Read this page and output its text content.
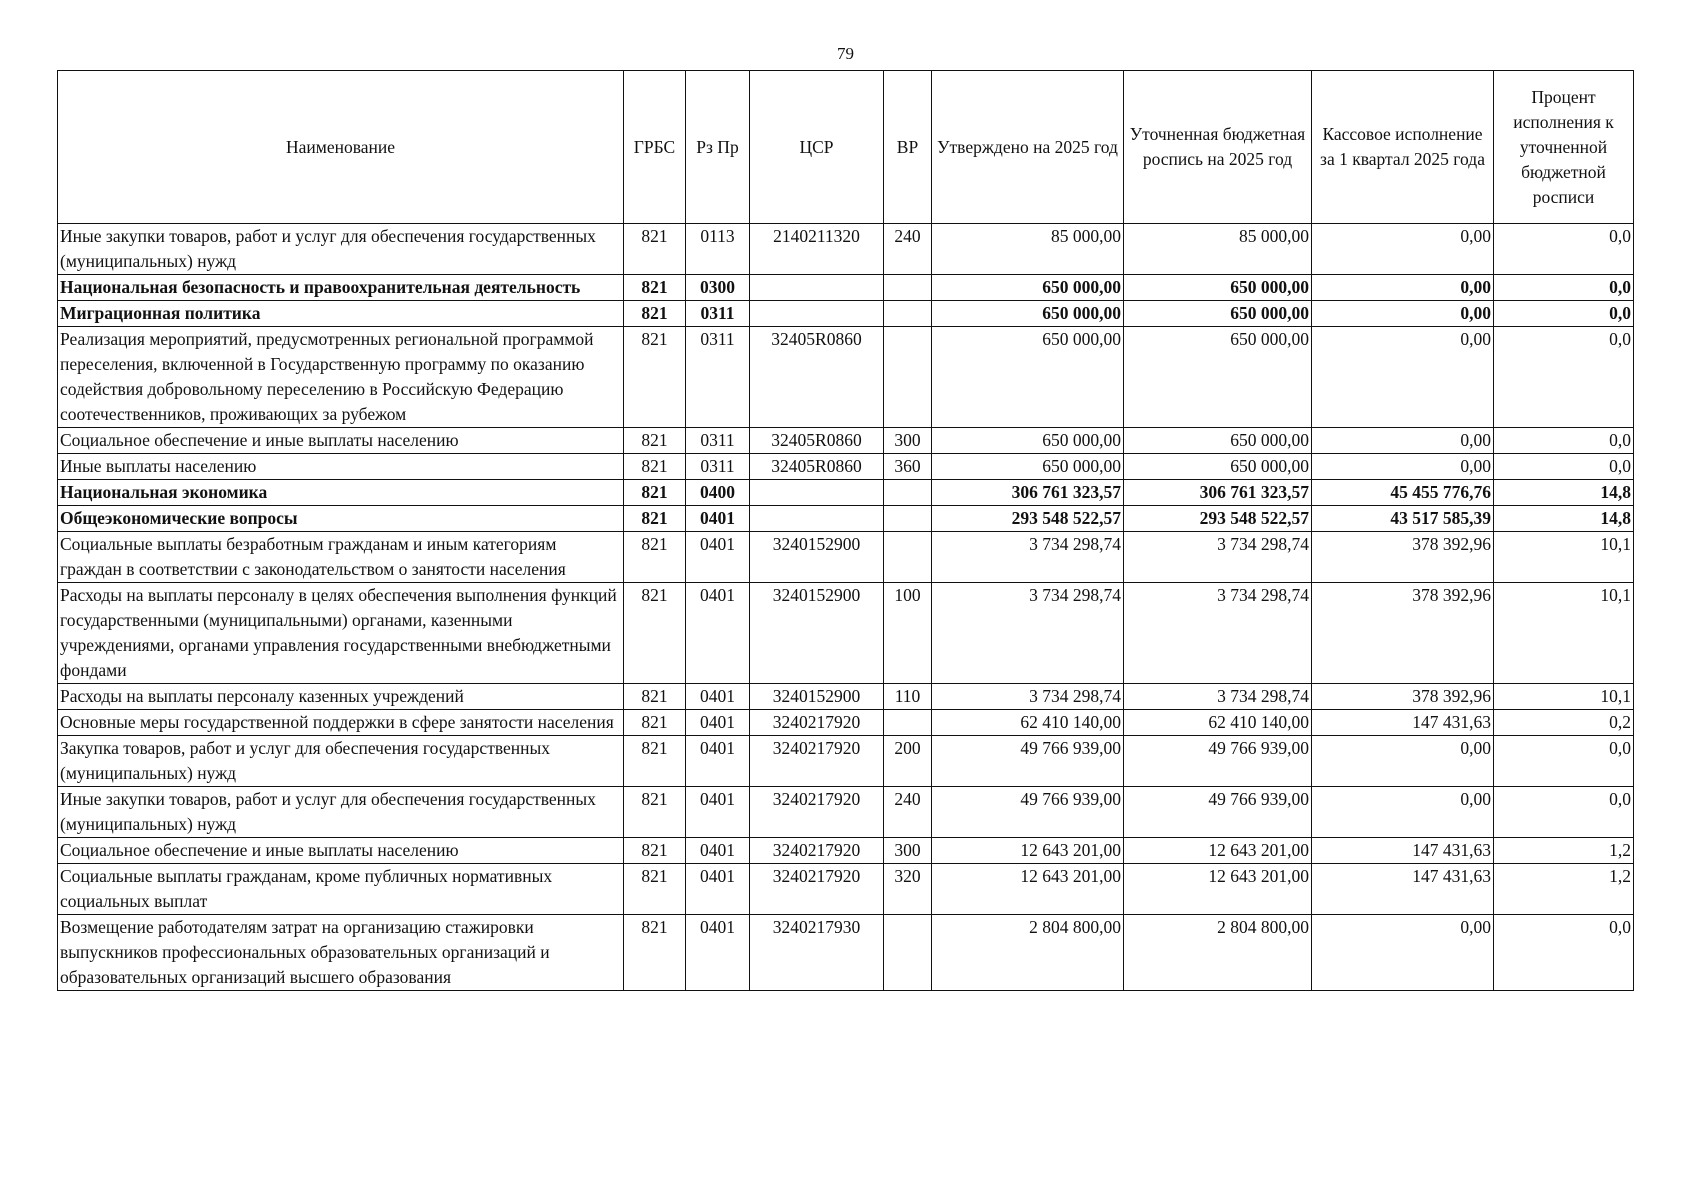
79
Наименование	ГРБС	Рз Пр	ЦСР	ВР	Утверждено на 2025 год	Уточненная бюджетная роспись на 2025 год	Кассовое исполнение за 1 квартал 2025 года	Процент исполнения к уточненной бюджетной росписи
Иные закупки товаров, работ и услуг для обеспечения государственных (муниципальных) нужд	821	0113	2140211320	240	85 000,00	85 000,00	0,00	0,0
Национальная безопасность и правоохранительная деятельность	821	0300			650 000,00	650 000,00	0,00	0,0
Миграционная политика	821	0311			650 000,00	650 000,00	0,00	0,0
Реализация мероприятий, предусмотренных региональной программой переселения, включенной в Государственную программу по оказанию содействия добровольному переселению в Российскую Федерацию соотечественников, проживающих за рубежом	821	0311	32405R0860		650 000,00	650 000,00	0,00	0,0
Социальное обеспечение и иные выплаты населению	821	0311	32405R0860	300	650 000,00	650 000,00	0,00	0,0
Иные выплаты населению	821	0311	32405R0860	360	650 000,00	650 000,00	0,00	0,0
Национальная экономика	821	0400			306 761 323,57	306 761 323,57	45 455 776,76	14,8
Общеэкономические вопросы	821	0401			293 548 522,57	293 548 522,57	43 517 585,39	14,8
Социальные выплаты безработным гражданам и иным категориям граждан в соответствии с законодательством о занятости населения	821	0401	3240152900		3 734 298,74	3 734 298,74	378 392,96	10,1
Расходы на выплаты персоналу в целях обеспечения выполнения функций государственными (муниципальными) органами, казенными учреждениями, органами управления государственными внебюджетными фондами	821	0401	3240152900	100	3 734 298,74	3 734 298,74	378 392,96	10,1
Расходы на выплаты персоналу казенных учреждений	821	0401	3240152900	110	3 734 298,74	3 734 298,74	378 392,96	10,1
Основные меры государственной поддержки в сфере занятости населения	821	0401	3240217920		62 410 140,00	62 410 140,00	147 431,63	0,2
Закупка товаров, работ и услуг для обеспечения государственных (муниципальных) нужд	821	0401	3240217920	200	49 766 939,00	49 766 939,00	0,00	0,0
Иные закупки товаров, работ и услуг для обеспечения государственных (муниципальных) нужд	821	0401	3240217920	240	49 766 939,00	49 766 939,00	0,00	0,0
Социальное обеспечение и иные выплаты населению	821	0401	3240217920	300	12 643 201,00	12 643 201,00	147 431,63	1,2
Социальные выплаты гражданам, кроме публичных нормативных социальных выплат	821	0401	3240217920	320	12 643 201,00	12 643 201,00	147 431,63	1,2
Возмещение работодателям затрат на организацию стажировки выпускников профессиональных образовательных организаций и образовательных организаций высшего образования	821	0401	3240217930		2 804 800,00	2 804 800,00	0,00	0,0
